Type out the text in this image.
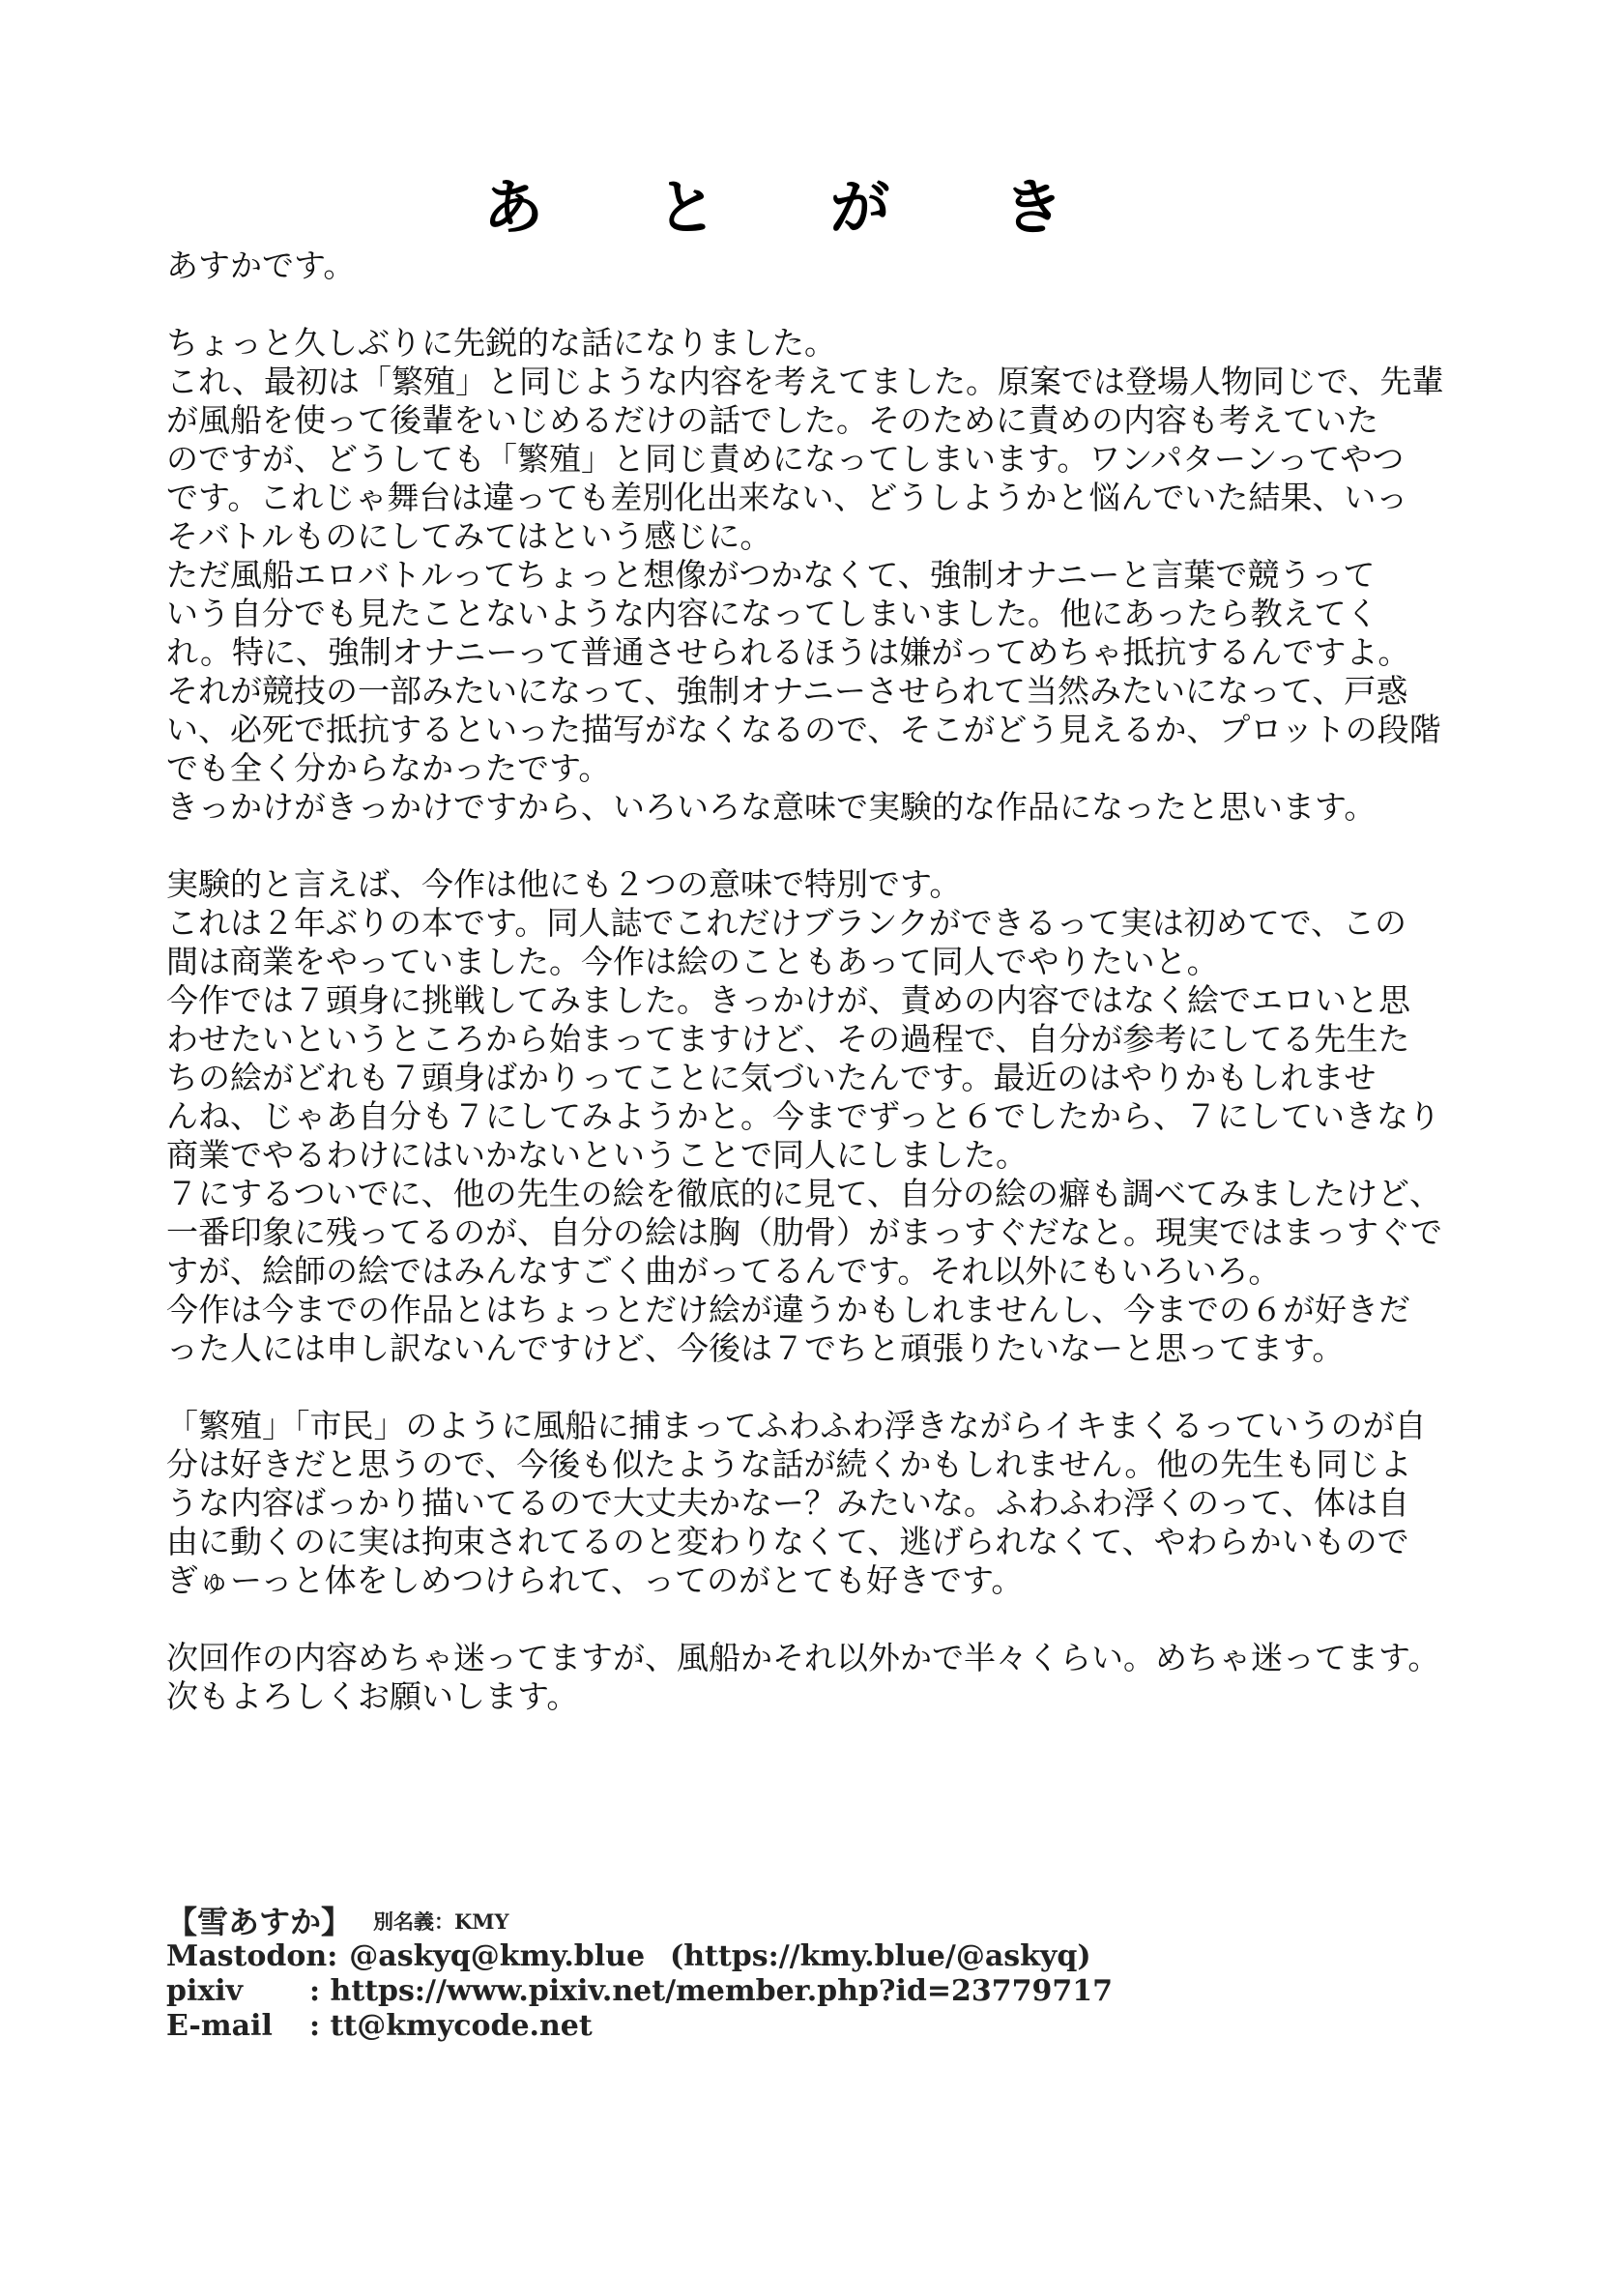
あ と が き
あすかです。
ちょっと久しぶりに先鋭的な話になりました。
これ、最初は「繁殖」と同じような内容を考えてました。原案では登場人物同じで、先輩
が風船を使って後輩をいじめるだけの話でした。そのために責めの内容も考えていた
のですが、どうしても「繁殖」と同じ責めになってしまいます。ワンパターンってやつ
です。これじゃ舞台は違っても差別化出来ない、どうしようかと悩んでいた結果、いっ
そバトルものにしてみてはという感じに。
ただ風船エロバトルってちょっと想像がつかなくて、強制オナニーと言葉で競うって
いう自分でも見たことないような内容になってしまいました。他にあったら教えてく
れ。特に、強制オナニーって普通させられるほうは嫌がってめちゃ抵抗するんですよ。
それが競技の一部みたいになって、強制オナニーさせられて当然みたいになって、戸惑
い、必死で抵抗するといった描写がなくなるので、そこがどう見えるか、プロットの段階
でも全く分からなかったです。
きっかけがきっかけですから、いろいろな意味で実験的な作品になったと思います。
実験的と言えば、今作は他にも２つの意味で特別です。
これは２年ぶりの本です。同人誌でこれだけブランクができるって実は初めてで、この
間は商業をやっていました。今作は絵のこともあって同人でやりたいと。
今作では７頭身に挑戦してみました。きっかけが、責めの内容ではなく絵でエロいと思
わせたいというところから始まってますけど、その過程で、自分が参考にしてる先生た
ちの絵がどれも７頭身ばかりってことに気づいたんです。最近のはやりかもしれませ
んね、じゃあ自分も７にしてみようかと。今までずっと６でしたから、７にしていきなり
商業でやるわけにはいかないということで同人にしました。
７にするついでに、他の先生の絵を徹底的に見て、自分の絵の癖も調べてみましたけど、
一番印象に残ってるのが、自分の絵は胸（肋骨）がまっすぐだなと。現実ではまっすぐで
すが、絵師の絵ではみんなすごく曲がってるんです。それ以外にもいろいろ。
今作は今までの作品とはちょっとだけ絵が違うかもしれませんし、今までの６が好きだ
った人には申し訳ないんですけど、今後は７でちと頑張りたいなーと思ってます。
「繁殖」「市民」のように風船に捕まってふわふわ浮きながらイキまくるっていうのが自
分は好きだと思うので、今後も似たような話が続くかもしれません。他の先生も同じよ
うな内容ばっかり描いてるので大丈夫かなー？みたいな。ふわふわ浮くのって、体は自
由に動くのに実は拘束されてるのと変わりなくて、逃げられなくて、やわらかいもので
ぎゅーっと体をしめつけられて、ってのがとても好きです。
次回作の内容めちゃ迷ってますが、風船かそれ以外かで半々くらい。めちゃ迷ってます。
次もよろしくお願いします。
【雪あすか】 別名義：KMY
Mastodon: @askyq@kmy.blue (https://kmy.blue/@askyq)
pixiv	: https://www.pixiv.net/member.php?id=23779717
E-mail	: tt@kmycode.net
